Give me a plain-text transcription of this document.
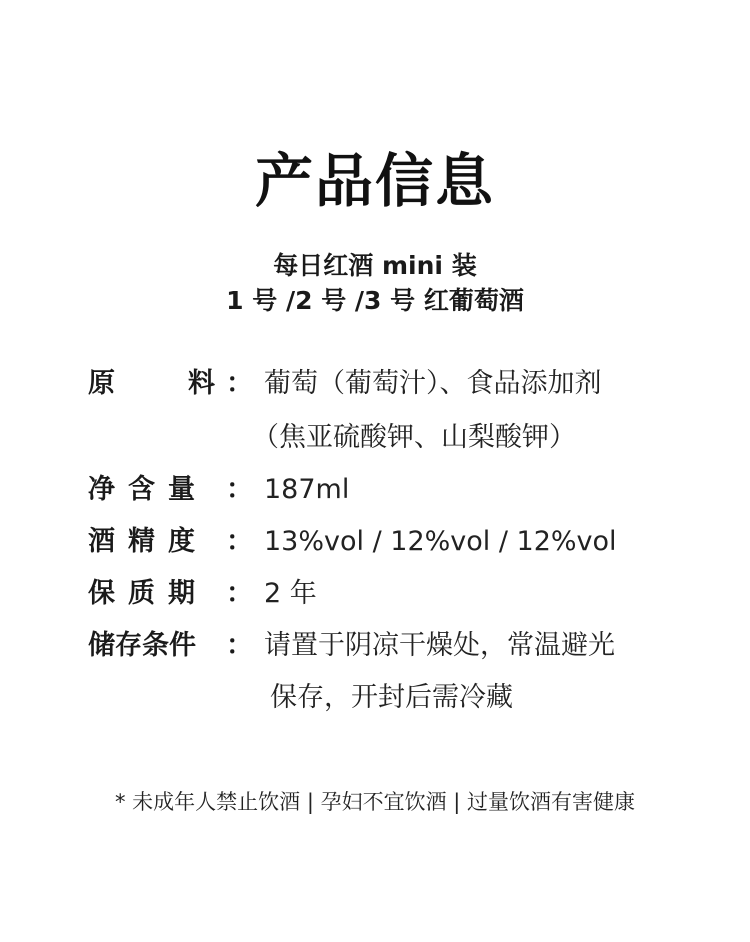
产品信息
每日红酒 mini 装
1 号 /2 号 /3 号 红葡萄酒
原	料 ： 葡萄（葡萄汁）、食品添加剂
（焦亚硫酸钾、山梨酸钾）
净含量 ： 187ml
酒精度 ： 13%vol / 12%vol / 12%vol
保质期 ： 2 年
储存条件	： 请置于阴凉干燥处，常温避光
保存，开封后需冷藏
* 未成年人禁止饮酒 | 孕妇不宜饮酒 | 过量饮酒有害健康
